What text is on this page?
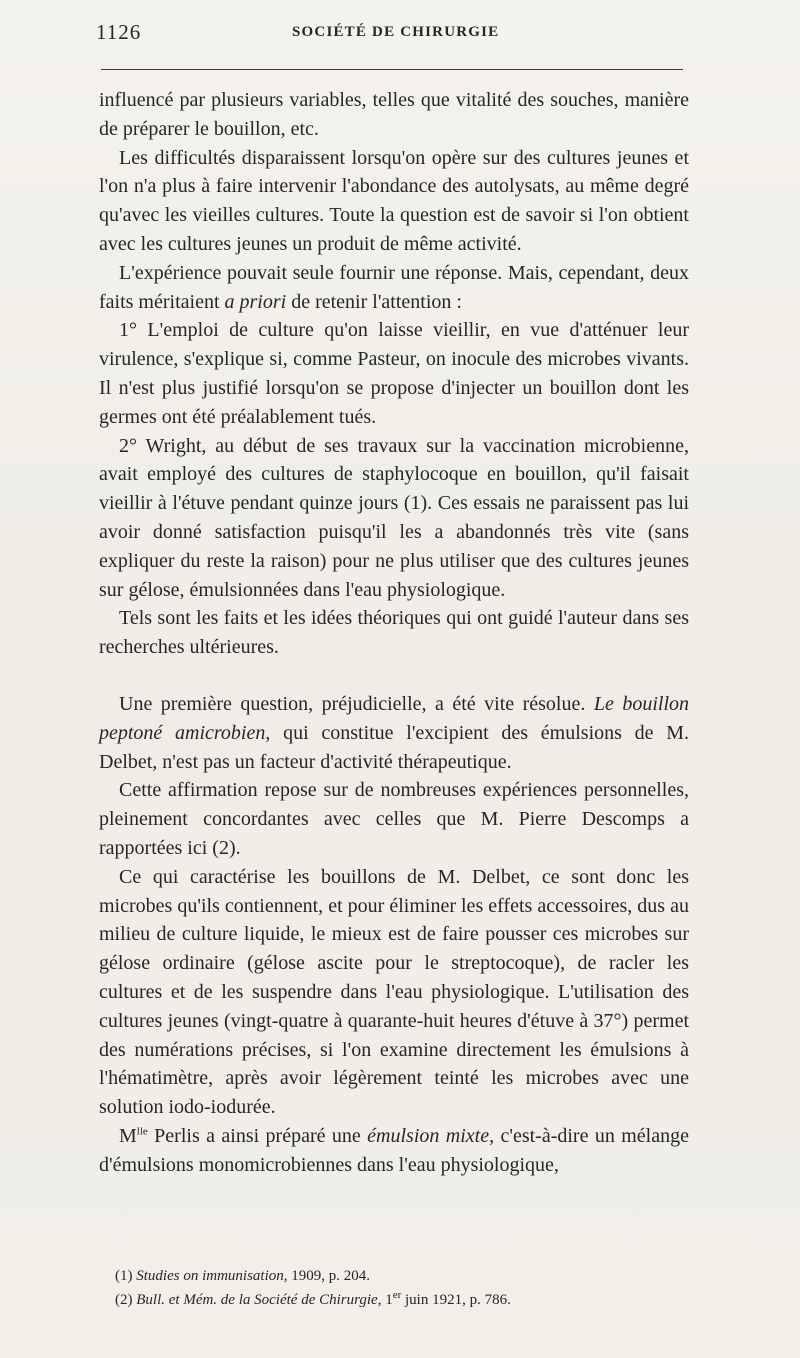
1126	SOCIÉTÉ DE CHIRURGIE

influencé par plusieurs variables, telles que vitalité des souches, manière de préparer le bouillon, etc.

Les difficultés disparaissent lorsqu'on opère sur des cultures jeunes et l'on n'a plus à faire intervenir l'abondance des autolysats, au même degré qu'avec les vieilles cultures. Toute la question est de savoir si l'on obtient avec les cultures jeunes un produit de même activité.

L'expérience pouvait seule fournir une réponse. Mais, cependant, deux faits méritaient a priori de retenir l'attention :

1° L'emploi de culture qu'on laisse vieillir, en vue d'atténuer leur virulence, s'explique si, comme Pasteur, on inocule des microbes vivants. Il n'est plus justifié lorsqu'on se propose d'injecter un bouillon dont les germes ont été préalablement tués.

2° Wright, au début de ses travaux sur la vaccination microbienne, avait employé des cultures de staphylocoque en bouillon, qu'il faisait vieillir à l'étuve pendant quinze jours (1). Ces essais ne paraissent pas lui avoir donné satisfaction puisqu'il les a abandonnés très vite (sans expliquer du reste la raison) pour ne plus utiliser que des cultures jeunes sur gélose, émulsionnées dans l'eau physiologique.

Tels sont les faits et les idées théoriques qui ont guidé l'auteur dans ses recherches ultérieures.

Une première question, préjudicielle, a été vite résolue. Le bouillon peptoné amicrobien, qui constitue l'excipient des émulsions de M. Delbet, n'est pas un facteur d'activité thérapeutique.

Cette affirmation repose sur de nombreuses expériences personnelles, pleinement concordantes avec celles que M. Pierre Descomps a rapportées ici (2).

Ce qui caractérise les bouillons de M. Delbet, ce sont donc les microbes qu'ils contiennent, et pour éliminer les effets accessoires, dus au milieu de culture liquide, le mieux est de faire pousser ces microbes sur gélose ordinaire (gélose ascite pour le streptocoque), de racler les cultures et de les suspendre dans l'eau physiologique. L'utilisation des cultures jeunes (vingt-quatre à quarante-huit heures d'étuve à 37°) permet des numérations précises, si l'on examine directement les émulsions à l'hématimètre, après avoir légèrement teinté les microbes avec une solution iodo-iodurée.

$M^{lle}$ Perlis a ainsi préparé une émulsion mixte, c'est-à-dire un mélange d'émulsions monomicrobiennes dans l'eau physiologique,

(1) Studies on immunisation, 1909, p. 204.

(2) Bull. et Mém. de la Société de Chirurgie, 1er juin 1921, p. 786.
